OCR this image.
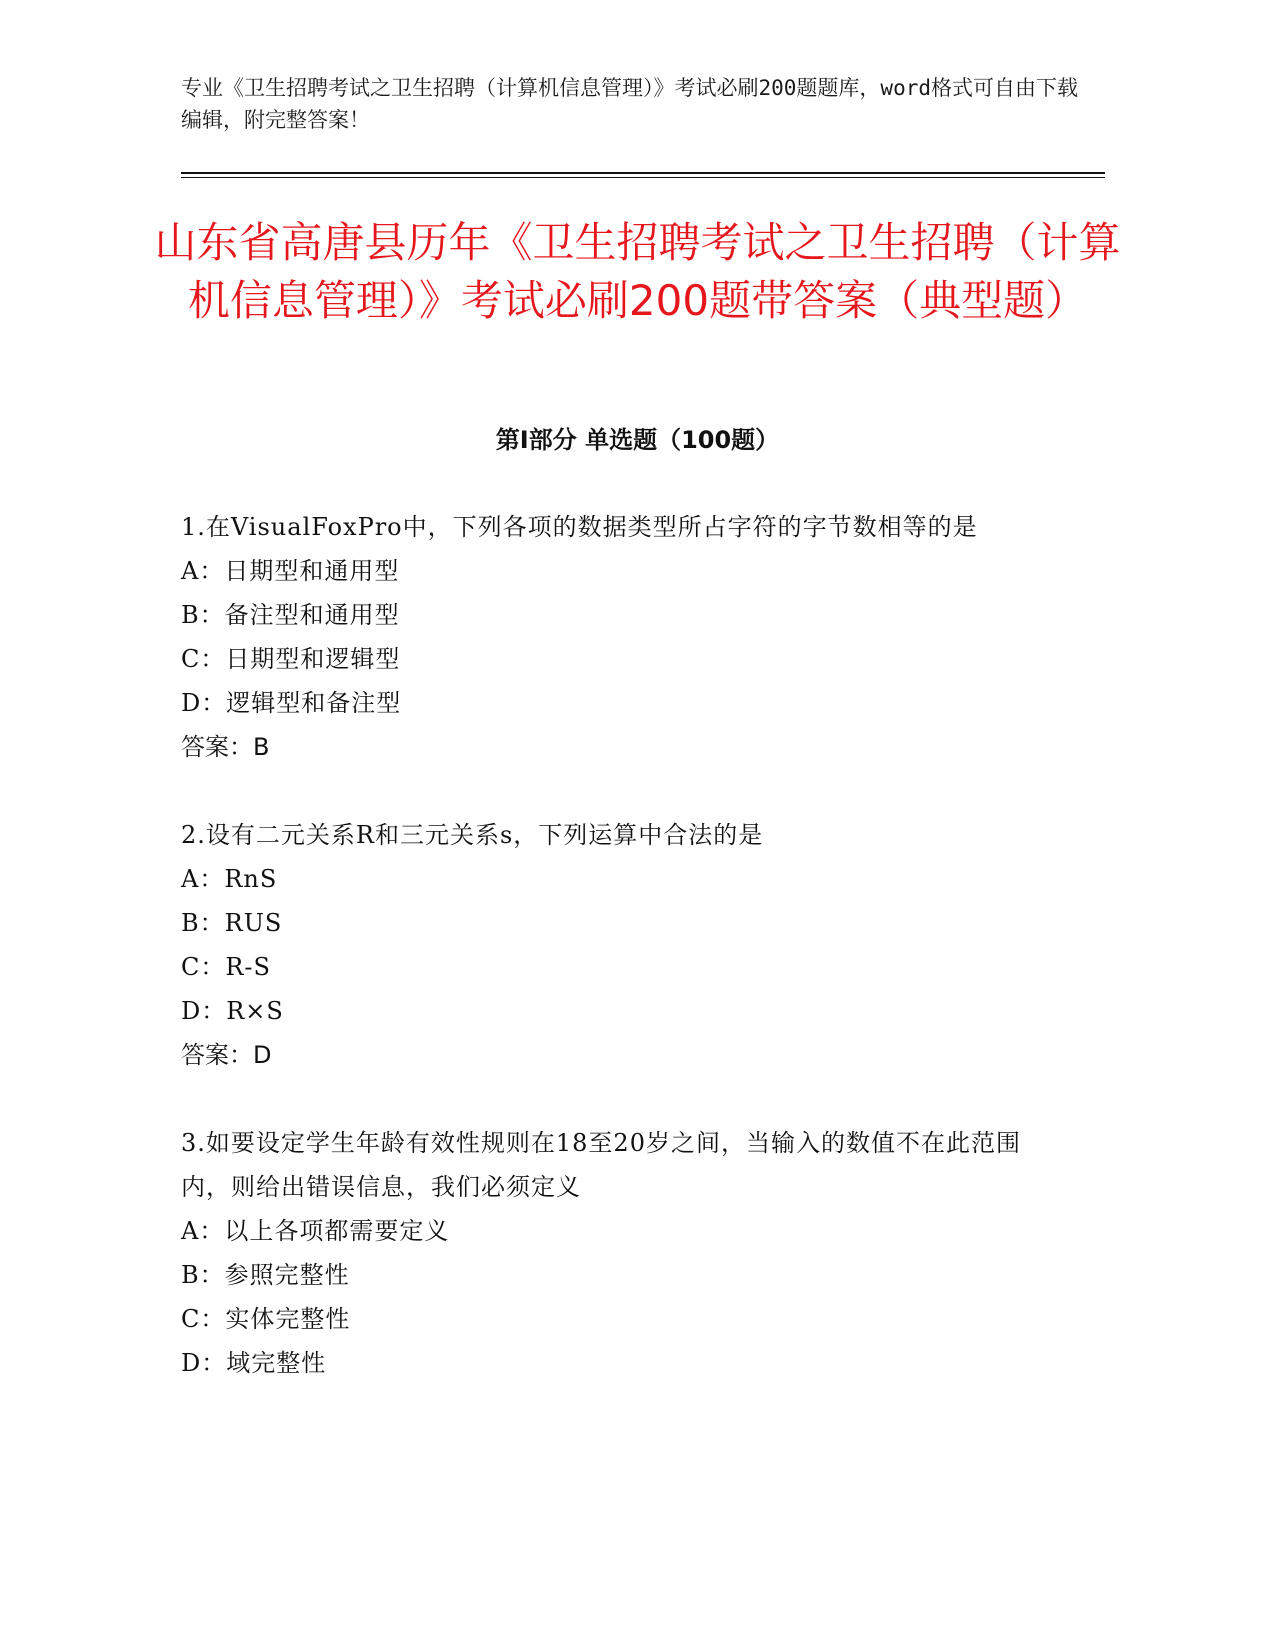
专业《卫生招聘考试之卫生招聘（计算机信息管理）》考试必刷200题题库，word格式可自由下载编辑，附完整答案！
山东省高唐县历年《卫生招聘考试之卫生招聘（计算机信息管理）》考试必刷200题带答案（典型题）
第Ⅰ部分 单选题（100题）
1.在VisualFoxPro中，下列各项的数据类型所占字符的字节数相等的是
A：日期型和通用型
B：备注型和通用型
C：日期型和逻辑型
D：逻辑型和备注型
答案：B
2.设有二元关系R和三元关系s，下列运算中合法的是
A：RnS
B：RUS
C：R-S
D：R×S
答案：D
3.如要设定学生年龄有效性规则在18至20岁之间，当输入的数值不在此范围内，则给出错误信息，我们必须定义
A：以上各项都需要定义
B：参照完整性
C：实体完整性
D：域完整性
